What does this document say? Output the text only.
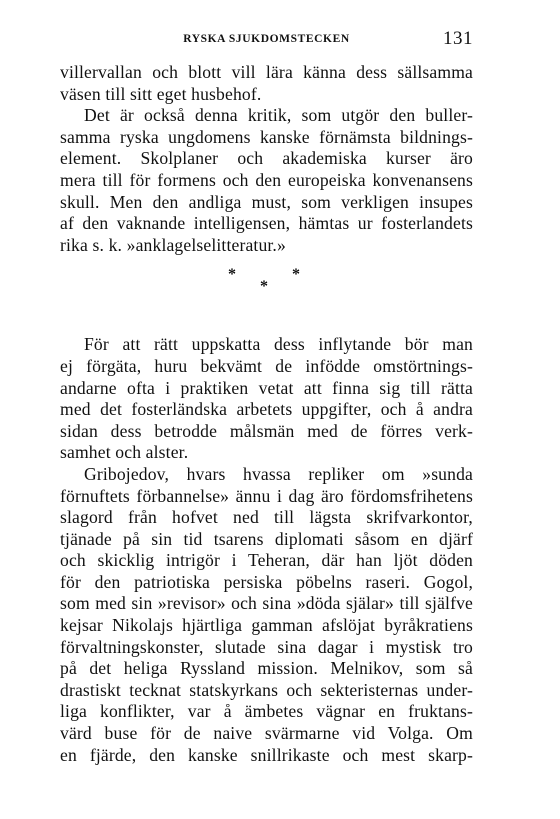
RYSKA SJUKDOMSTECKEN	131
villervallan och blott vill lära känna dess sällsamma
väsen till sitt eget husbehof.
Det är också denna kritik, som utgör den buller-
samma ryska ungdomens kanske förnämsta bildnings-
element. Skolplaner och akademiska kurser äro
mera till för formens och den europeiska konvenansens
skull. Men den andliga must, som verkligen insupes
af den vaknande intelligensen, hämtas ur fosterlandets
rika s. k. »anklagelselitteratur.»
*	*
*
För att rätt uppskatta dess inflytande bör man
ej förgäta, huru bekvämt de infödde omstörtnings-
andarne ofta i praktiken vetat att finna sig till rätta
med det fosterländska arbetets uppgifter, och å andra
sidan dess betrodde målsmän med de förres verk-
samhet och alster.
Gribojedov, hvars hvassa repliker om »sunda
förnuftets förbannelse» ännu i dag äro fördomsfrihetens
slagord från hofvet ned till lägsta skrifvarkontor,
tjänade på sin tid tsarens diplomati såsom en djärf
och skicklig intrigör i Teheran, där han ljöt döden
för den patriotiska persiska pöbelns raseri. Gogol,
som med sin »revisor» och sina »döda själar» till själfve
kejsar Nikolajs hjärtliga gamman afslöjat byråkratiens
förvaltningskonster, slutade sina dagar i mystisk tro
på det heliga Ryssland mission. Melnikov, som så
drastiskt tecknat statskyrkans och sekteristernas under-
liga konflikter, var å ämbetes vägnar en fruktans-
värd buse för de naive svärmarne vid Volga. Om
en fjärde, den kanske snillrikaste och mest skarp-
